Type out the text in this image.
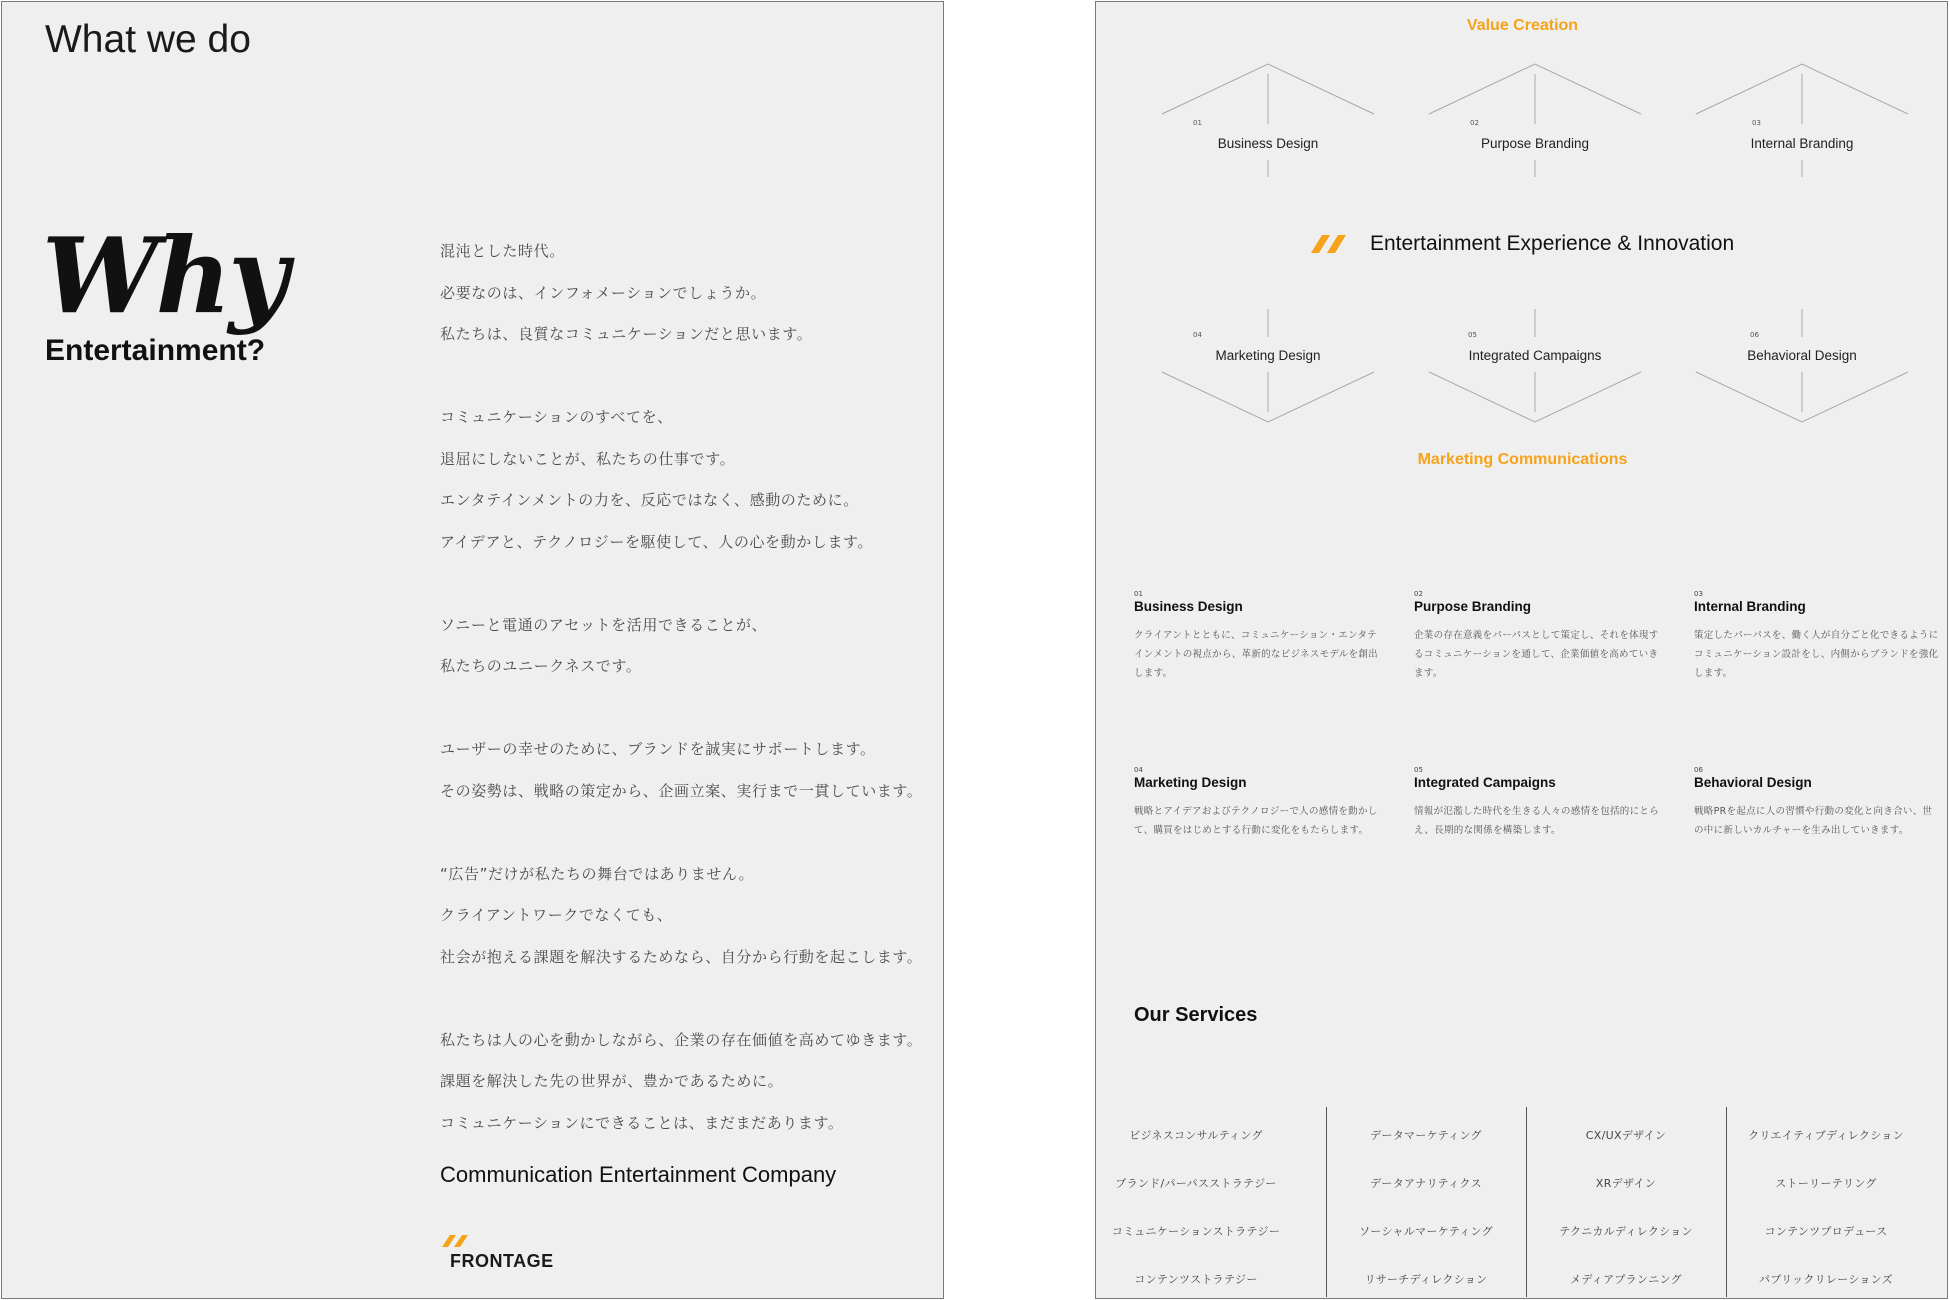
What we do
Why
Entertainment?
混沌とした時代。
必要なのは、インフォメーションでしょうか。
私たちは、良質なコミュニケーションだと思います。
コミュニケーションのすべてを、
退屈にしないことが、私たちの仕事です。
エンタテインメントの力を、反応ではなく、感動のために。
アイデアと、テクノロジーを駆使して、人の心を動かします。
ソニーと電通のアセットを活用できることが、
私たちのユニークネスです。
ユーザーの幸せのために、ブランドを誠実にサポートします。
その姿勢は、戦略の策定から、企画立案、実行まで一貫しています。
“広告”だけが私たちの舞台ではありません。
クライアントワークでなくても、
社会が抱える課題を解決するためなら、自分から行動を起こします。
私たちは人の心を動かしながら、企業の存在価値を高めてゆきます。
課題を解決した先の世界が、豊かであるために。
コミュニケーションにできることは、まだまだあります。
Communication Entertainment Company
FRONTAGE
Value Creation
01
Business Design
02
Purpose Branding
03
Internal Branding
Entertainment Experience & Innovation
04
Marketing Design
05
Integrated Campaigns
06
Behavioral Design
Marketing Communications
01
Business Design
クライアントとともに、コミュニケーション・エンタテインメントの視点から、革新的なビジネスモデルを創出します。
02
Purpose Branding
企業の存在意義をパーパスとして策定し、それを体現するコミュニケーションを通して、企業価値を高めていきます。
03
Internal Branding
策定したパーパスを、働く人が自分ごと化できるようにコミュニケーション設計をし、内側からブランドを強化します。
04
Marketing Design
戦略とアイデアおよびテクノロジーで人の感情を動かして、購買をはじめとする行動に変化をもたらします。
05
Integrated Campaigns
情報が氾濫した時代を生きる人々の感情を包括的にとらえ、長期的な関係を構築します。
06
Behavioral Design
戦略PRを起点に人の習慣や行動の変化と向き合い、世の中に新しいカルチャーを生み出していきます。
Our Services
ビジネスコンサルティング
ブランド/パーパスストラテジー
コミュニケーションストラテジー
コンテンツストラテジー
データマーケティング
データアナリティクス
ソーシャルマーケティング
リサーチディレクション
CX/UXデザイン
XRデザイン
テクニカルディレクション
メディアプランニング
クリエイティブディレクション
ストーリーテリング
コンテンツプロデュース
パブリックリレーションズ
